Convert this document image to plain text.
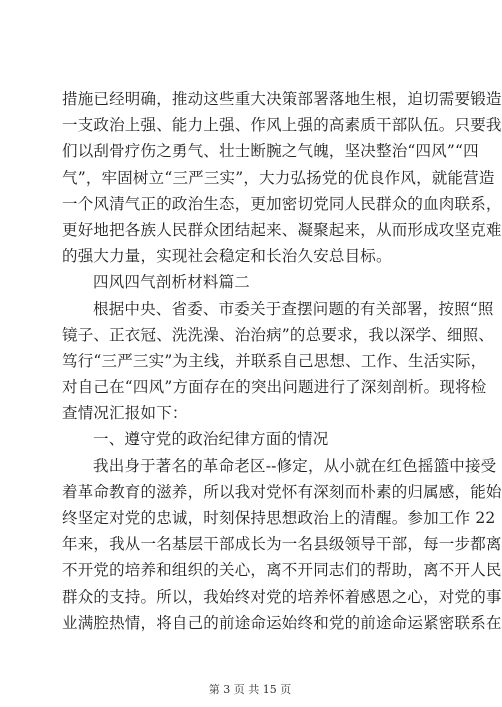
措施已经明确，推动这些重大决策部署落地生根，迫切需要锻造
一支政治上强、能力上强、作风上强的高素质干部队伍。只要我
们以刮骨疗伤之勇气、壮士断腕之气魄，坚决整治“四风”“四
气”，牢固树立“三严三实”，大力弘扬党的优良作风，就能营造
一个风清气正的政治生态，更加密切党同人民群众的血肉联系，
更好地把各族人民群众团结起来、凝聚起来，从而形成攻坚克难
的强大力量，实现社会稳定和长治久安总目标。
四风四气剖析材料篇二
根据中央、省委、市委关于查摆问题的有关部署，按照“照
镜子、正衣冠、洗洗澡、治治病”的总要求，我以深学、细照、
笃行“三严三实”为主线，并联系自己思想、工作、生活实际，
对自己在“四风”方面存在的突出问题进行了深刻剖析。现将检
查情况汇报如下：
一、遵守党的政治纪律方面的情况
我出身于著名的革命老区--修定，从小就在红色摇篮中接受
着革命教育的滋养，所以我对党怀有深刻而朴素的归属感，能始
终坚定对党的忠诚，时刻保持思想政治上的清醒。参加工作 22
年来，我从一名基层干部成长为一名县级领导干部，每一步都离
不开党的培养和组织的关心，离不开同志们的帮助，离不开人民
群众的支持。所以，我始终对党的培养怀着感恩之心，对党的事
业满腔热情，将自己的前途命运始终和党的前途命运紧密联系在
第 3 页 共 15 页
